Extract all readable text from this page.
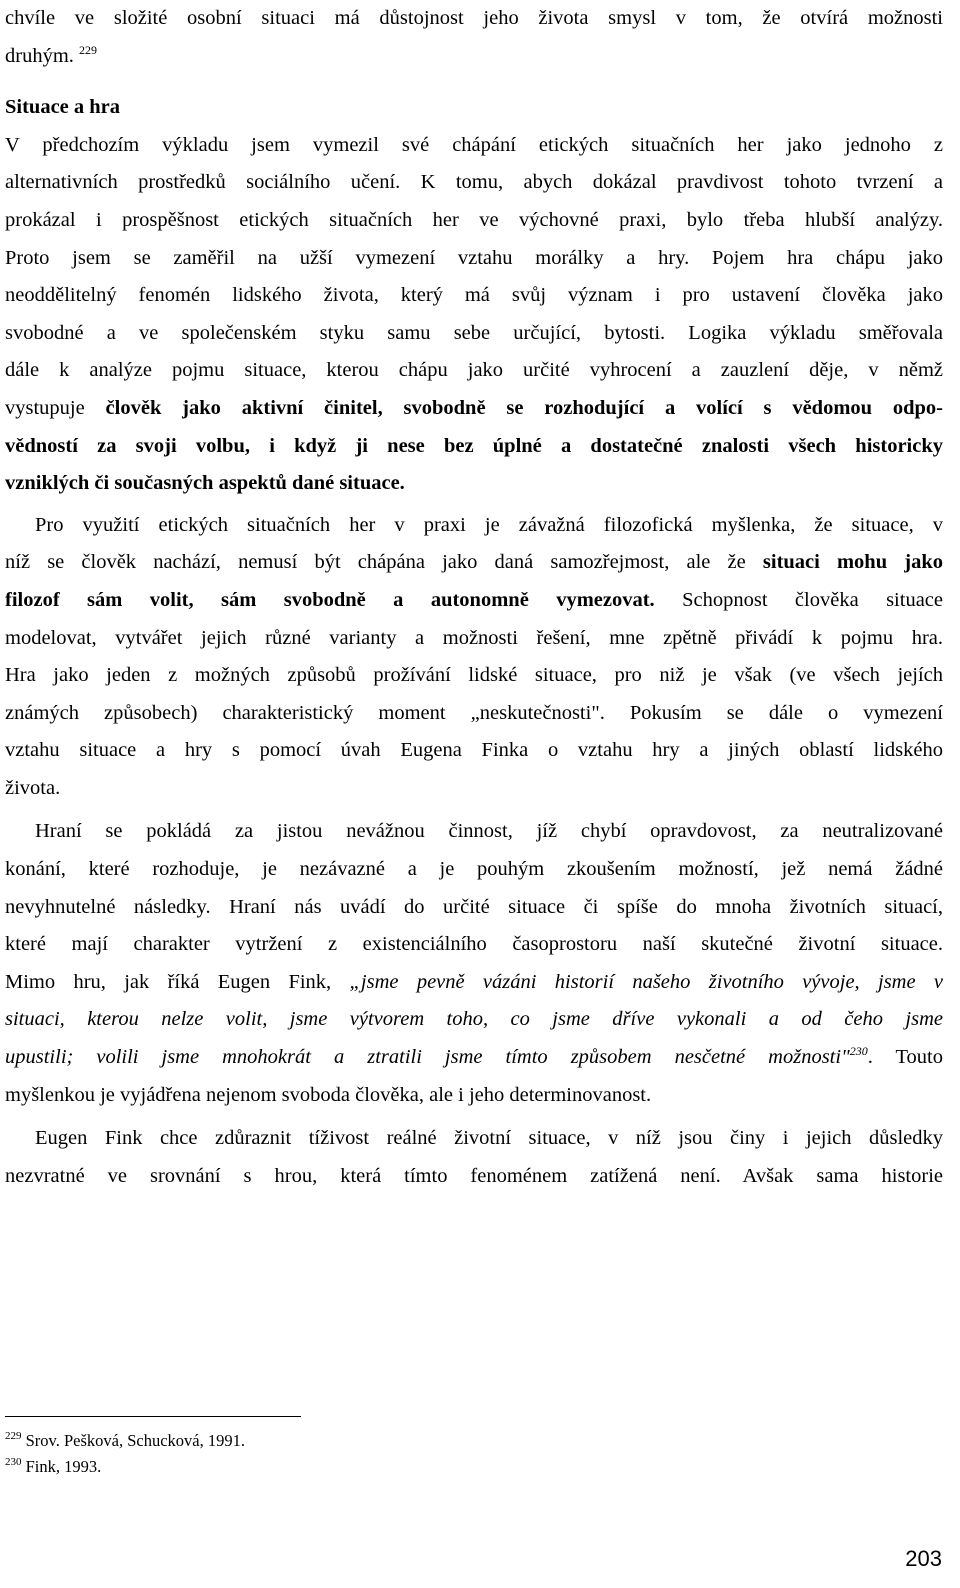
chvíle ve složité osobní situaci má důstojnost jeho života smysl v tom, že otvírá možnosti
druhým. $^{229}$

Situace a hra

V předchozím výkladu jsem vymezil své chápání etických situačních her jako jednoho z
alternativních prostředků sociálního učení. K tomu, abych dokázal pravdivost tohoto tvrzení a
prokázal i prospěšnost etických situačních her ve výchovné praxi, bylo třeba hlubší analýzy.
Proto jsem se zaměřil na užší vymezení vztahu morálky a hry. Pojem hra chápu jako
neoddělitelný fenomén lidského života, který má svůj význam i pro ustavení člověka jako
svobodné a ve společenském styku samu sebe určující, bytosti. Logika výkladu směřovala
dále k analýze pojmu situace, kterou chápu jako určité vyhrocení a zauzlení děje, v němž
vystupuje člověk jako aktivní činitel, svobodně se rozhodující a volící s vědomou odpo-
vědností za svoji volbu, i když ji nese bez úplné a dostatečné znalosti všech historicky
vzniklých či současných aspektů dané situace.

Pro využití etických situačních her v praxi je závažná filozofická myšlenka, že situace, v
níž se člověk nachází, nemusí být chápána jako daná samozřejmost, ale že situaci mohu jako
filozof sám volit, sám svobodně a autonomně vymezovat. Schopnost člověka situace
modelovat, vytvářet jejich různé varianty a možnosti řešení, mne zpětně přivádí k pojmu hra.
Hra jako jeden z možných způsobů prožívání lidské situace, pro niž je však (ve všech jejích
známých způsobech) charakteristický moment „neskutečnosti". Pokusím se dále o vymezení
vztahu situace a hry s pomocí úvah Eugena Finka o vztahu hry a jiných oblastí lidského
života.

Hraní se pokládá za jistou nevážnou činnost, jíž chybí opravdovost, za neutralizované
konání, které rozhoduje, je nezávazné a je pouhým zkoušením možností, jež nemá žádné
nevyhnutelné následky. Hraní nás uvádí do určité situace či spíše do mnoha životních situací,
které mají charakter vytržení z existenciálního časoprostoru naší skutečné životní situace.
Mimo hru, jak říká Eugen Fink, „jsme pevně vázáni historií našeho životního vývoje, jsme v
situaci, kterou nelze volit, jsme výtvorem toho, co jsme dříve vykonali a od čeho jsme
upustili; volili jsme mnohokrát a ztratili jsme tímto způsobem nesčetné možnosti"$^{230}$. Touto
myšlenkou je vyjádřena nejenom svoboda člověka, ale i jeho determinovanost.

Eugen Fink chce zdůraznit tíživost reálné životní situace, v níž jsou činy i jejich důsledky
nezvratné ve srovnání s hrou, která tímto fenoménem zatížená není. Avšak sama historie

$^{229}$ Srov. Pešková, Schucková, 1991.
$^{230}$ Fink, 1993.
203
